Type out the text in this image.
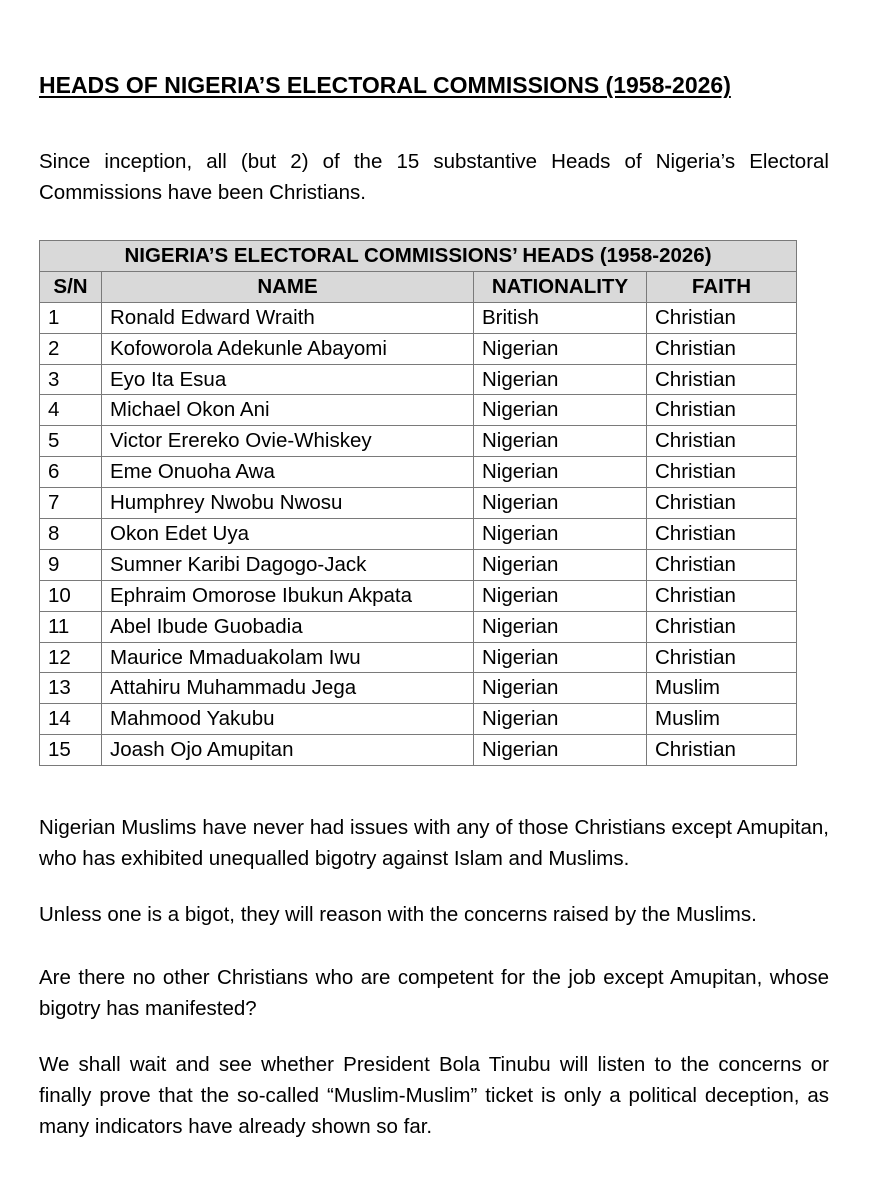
HEADS OF NIGERIA’S ELECTORAL COMMISSIONS (1958-2026)

Since inception, all (but 2) of the 15 substantive Heads of Nigeria’s Electoral Commissions have been Christians.

NIGERIA’S ELECTORAL COMMISSIONS’ HEADS (1958-2026)			
S/N	NAME	NATIONALITY	FAITH
1	Ronald Edward Wraith	British	Christian
2	Kofoworola Adekunle Abayomi	Nigerian	Christian
3	Eyo Ita Esua	Nigerian	Christian
4	Michael Okon Ani	Nigerian	Christian
5	Victor Erereko Ovie-Whiskey	Nigerian	Christian
6	Eme Onuoha Awa	Nigerian	Christian
7	Humphrey Nwobu Nwosu	Nigerian	Christian
8	Okon Edet Uya	Nigerian	Christian
9	Sumner Karibi Dagogo-Jack	Nigerian	Christian
10	Ephraim Omorose Ibukun Akpata	Nigerian	Christian
11	Abel Ibude Guobadia	Nigerian	Christian
12	Maurice Mmaduakolam Iwu	Nigerian	Christian
13	Attahiru Muhammadu Jega	Nigerian	Muslim
14	Mahmood Yakubu	Nigerian	Muslim
15	Joash Ojo Amupitan	Nigerian	Christian

Nigerian Muslims have never had issues with any of those Christians except Amupitan, who has exhibited unequalled bigotry against Islam and Muslims.

Unless one is a bigot, they will reason with the concerns raised by the Muslims.

Are there no other Christians who are competent for the job except Amupitan, whose bigotry has manifested?

We shall wait and see whether President Bola Tinubu will listen to the concerns or finally prove that the so-called “Muslim-Muslim” ticket is only a political deception, as many indicators have already shown so far.
